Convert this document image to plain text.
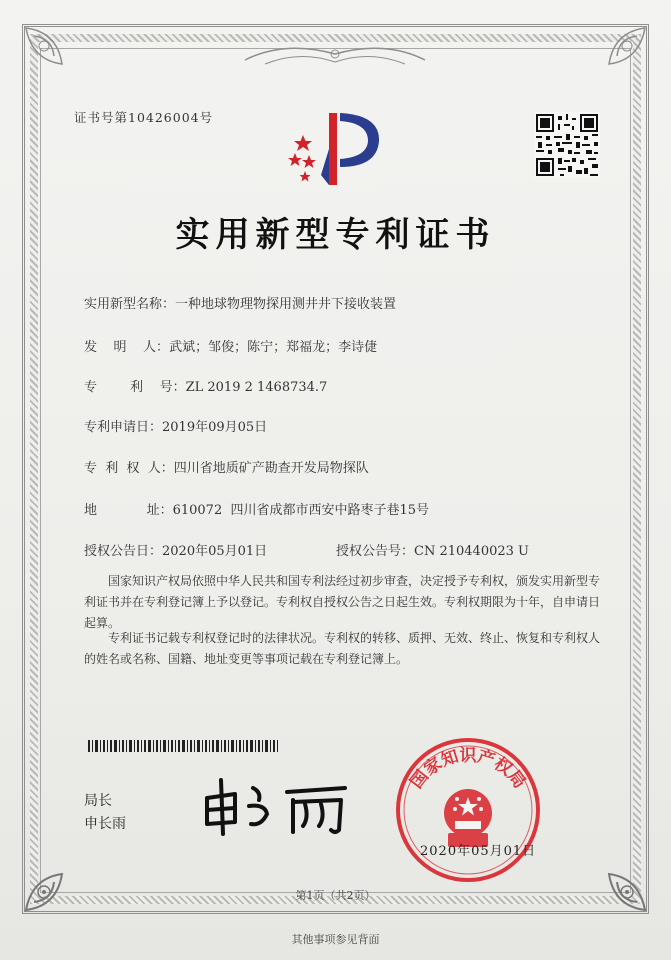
证书号第10426004号
实用新型专利证书
实用新型名称：一种地球物理物探用测井井下接收装置
发    明    人：武斌；邹俊；陈宁；郑福龙；李诗倢
专        利    号：ZL 2019 2 1468734.7
专利申请日：2019年09月05日
专  利  权  人：四川省地质矿产勘查开发局物探队
地            址：610072  四川省成都市西安中路枣子巷15号
授权公告日：2020年05月01日	授权公告号：CN 210440023 U

国家知识产权局依照中华人民共和国专利法经过初步审查，决定授予专利权，颁发实用新型专利证书并在专利登记簿上予以登记。专利权自授权公告之日起生效。专利权期限为十年，自申请日起算。

专利证书记载专利权登记时的法律状况。专利权的转移、质押、无效、终止、恢复和专利权人的姓名或名称、国籍、地址变更等事项记载在专利登记簿上。

局长
申长雨
国家知识产权局
2020年05月01日
第1页（共2页）
其他事项参见背面
